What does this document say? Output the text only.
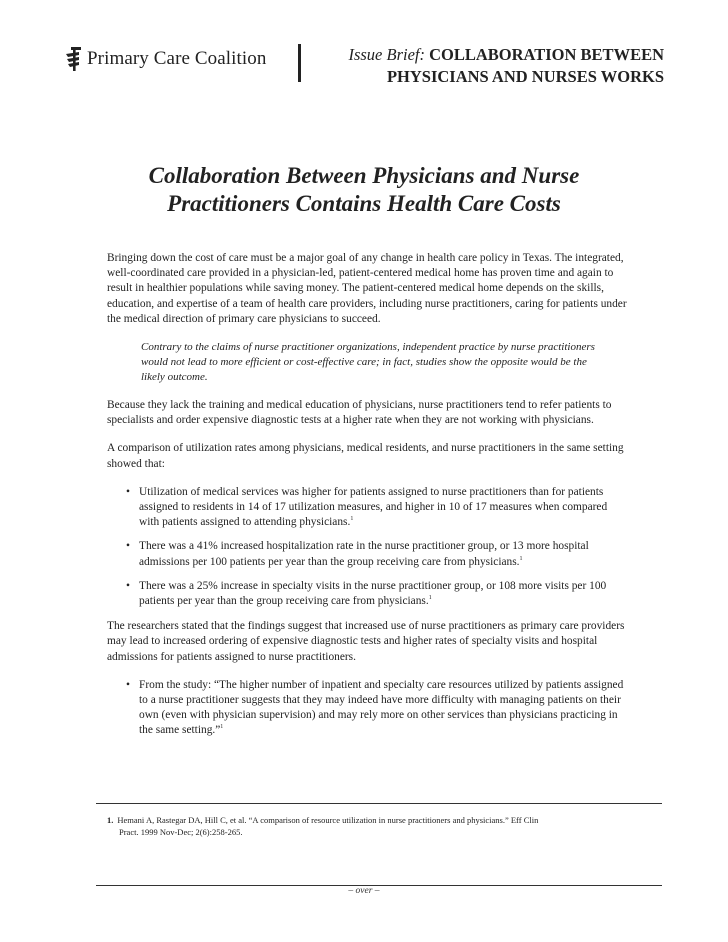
Primary Care Coalition	Issue Brief: COLLABORATION BETWEEN
PHYSICIANS AND NURSES WORKS
Collaboration Between Physicians and Nurse
Practitioners Contains Health Care Costs

Bringing down the cost of care must be a major goal of any change in health care policy in Texas. The integrated, well-coordinated care provided in a physician-led, patient-centered medical home has proven time and again to result in healthier populations while saving money. The patient-centered medical home depends on the skills, education, and expertise of a team of health care providers, including nurse practitioners, caring for patients under the medical direction of primary care physicians to succeed.

Contrary to the claims of nurse practitioner organizations, independent practice by nurse practitioners would not lead to more efficient or cost-effective care; in fact, studies show the opposite would be the likely outcome.

Because they lack the training and medical education of physicians, nurse practitioners tend to refer patients to specialists and order expensive diagnostic tests at a higher rate when they are not working with physicians.

A comparison of utilization rates among physicians, medical residents, and nurse practitioners in the same setting showed that:

• Utilization of medical services was higher for patients assigned to nurse practitioners than for patients assigned to residents in 14 of 17 utilization measures, and higher in 10 of 17 measures when compared with patients assigned to attending physicians.$^1$
• There was a 41% increased hospitalization rate in the nurse practitioner group, or 13 more hospital admissions per 100 patients per year than the group receiving care from physicians.$^1$
• There was a 25% increase in specialty visits in the nurse practitioner group, or 108 more visits per 100 patients per year than the group receiving care from physicians.$^1$

The researchers stated that the findings suggest that increased use of nurse practitioners as primary care providers may lead to increased ordering of expensive diagnostic tests and higher rates of specialty visits and hospital admissions for patients assigned to nurse practitioners.

• From the study: “The higher number of inpatient and specialty care resources utilized by patients assigned to a nurse practitioner suggests that they may indeed have more difficulty with managing patients on their own (even with physician supervision) and may rely more on other services than physicians practicing in the same setting.”$^1$
1. Hemani A, Rastegar DA, Hill C, et al. “A comparison of resource utilization in nurse practitioners and physicians.” Eff Clin
Pract. 1999 Nov-Dec; 2(6):258-265.
– over –
